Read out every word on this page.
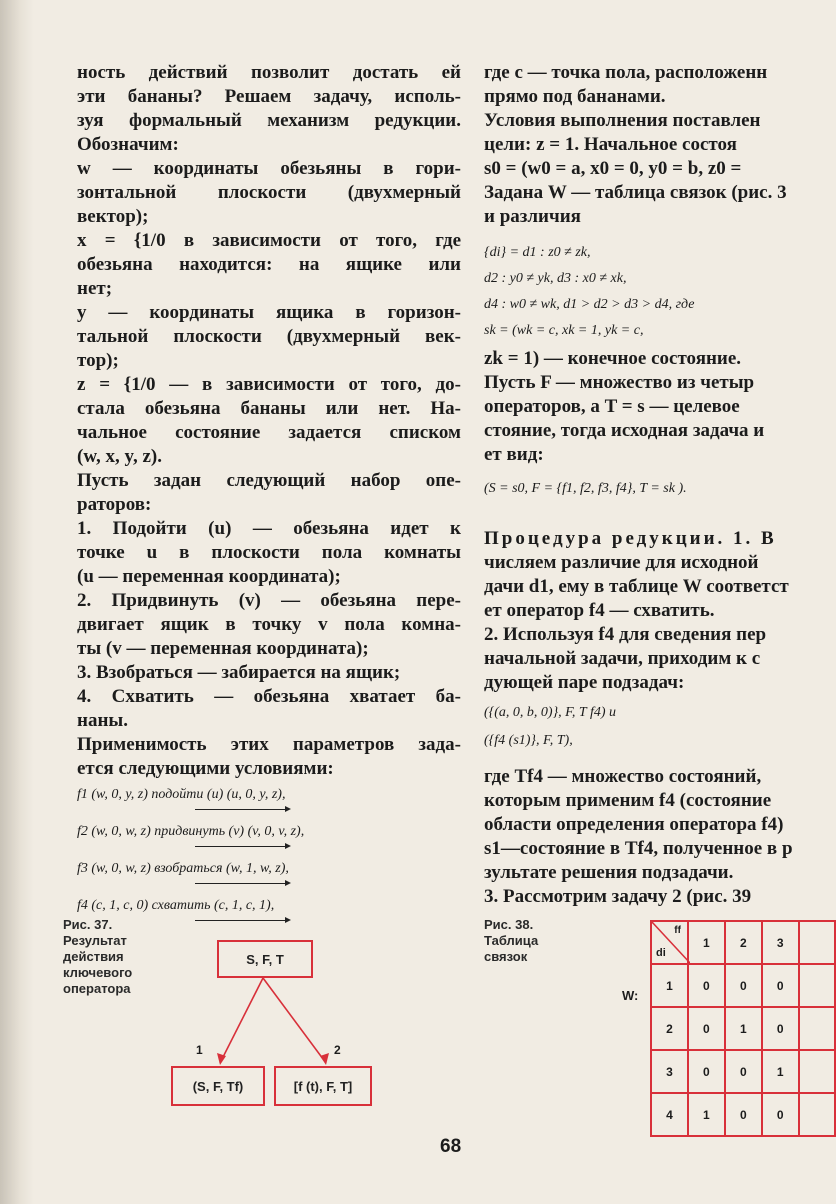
ность действий позволит достать ей

эти бананы? Решаем задачу, исполь-

зуя формальный механизм редукции.

Обозначим:

w — координаты обезьяны в гори-

зонтальной плоскости (двухмерный

вектор);

x = {1/0 в зависимости от того, где

обезьяна находится: на ящике или

нет;

y — координаты ящика в горизон-

тальной плоскости (двухмерный век-

тор);

z = {1/0 — в зависимости от того, до-

стала обезьяна бананы или нет. На-

чальное состояние задается списком

(w, x, y, z).

Пусть задан следующий набор опе-

раторов:

1. Подойти (u) — обезьяна идет к

точке u в плоскости пола комнаты

(u — переменная координата);

2. Придвинуть (v) — обезьяна пере-

двигает ящик в точку v пола комна-

ты (v — переменная координата);

3. Взобраться — забирается на ящик;

4. Схватить — обезьяна хватает ба-

наны.

Применимость этих параметров зада-

ется следующими условиями:

f1 (w, 0, y, z) подойти (u) (u, 0, y, z),

f2 (w, 0, w, z) придвинуть (v) (v, 0, v, z),

f3 (w, 0, w, z) взобраться (w, 1, w, z),

f4 (c, 1, c, 0) схватить (c, 1, c, 1),

где c — точка пола, расположенн

прямо под бананами.

Условия выполнения поставлен

цели: z = 1. Начальное состоя

s0 = (w0 = a, x0 = 0, y0 = b, z0 =

Задана W — таблица связок (рис. 3

и различия

{di} = d1 : z0 ≠ zk,

d2 : y0 ≠ yk, d3 : x0 ≠ xk,

d4 : w0 ≠ wk, d1 > d2 > d3 > d4, где

sk = (wk = c, xk = 1, yk = c,

zk = 1) — конечное состояние.

Пусть F — множество из четыр

операторов, а T = s — целевое

стояние, тогда исходная задача и

ет вид:

(S = s0, F = {f1, f2, f3, f4}, T = sk ).

Процедура редукции. 1. В

числяем различие для исходной

дачи d1, ему в таблице W соответст

ет оператор f4 — схватить.

2. Используя f4 для сведения пер

начальной задачи, приходим к с

дующей паре подзадач:

({(a, 0, b, 0)}, F, T f4) и

({f4 (s1)}, F, T),

где Tf4 — множество состояний,

которым применим f4 (состояние

области определения оператора f4)

s1—состояние в Tf4, полученное в р

зультате решения подзадачи.

3. Рассмотрим задачу 2 (рис. 39

Рис. 37.
Результат
действия
ключевого
оператора
S, F, T
(S, F, Tf)	[f (t), F, T]
1	2
Рис. 38.
Таблица
связок
W:
ff
di	1	2	3	
1	0	0	0	
2	0	1	0	
3	0	0	1	
4	1	0	0	
68
